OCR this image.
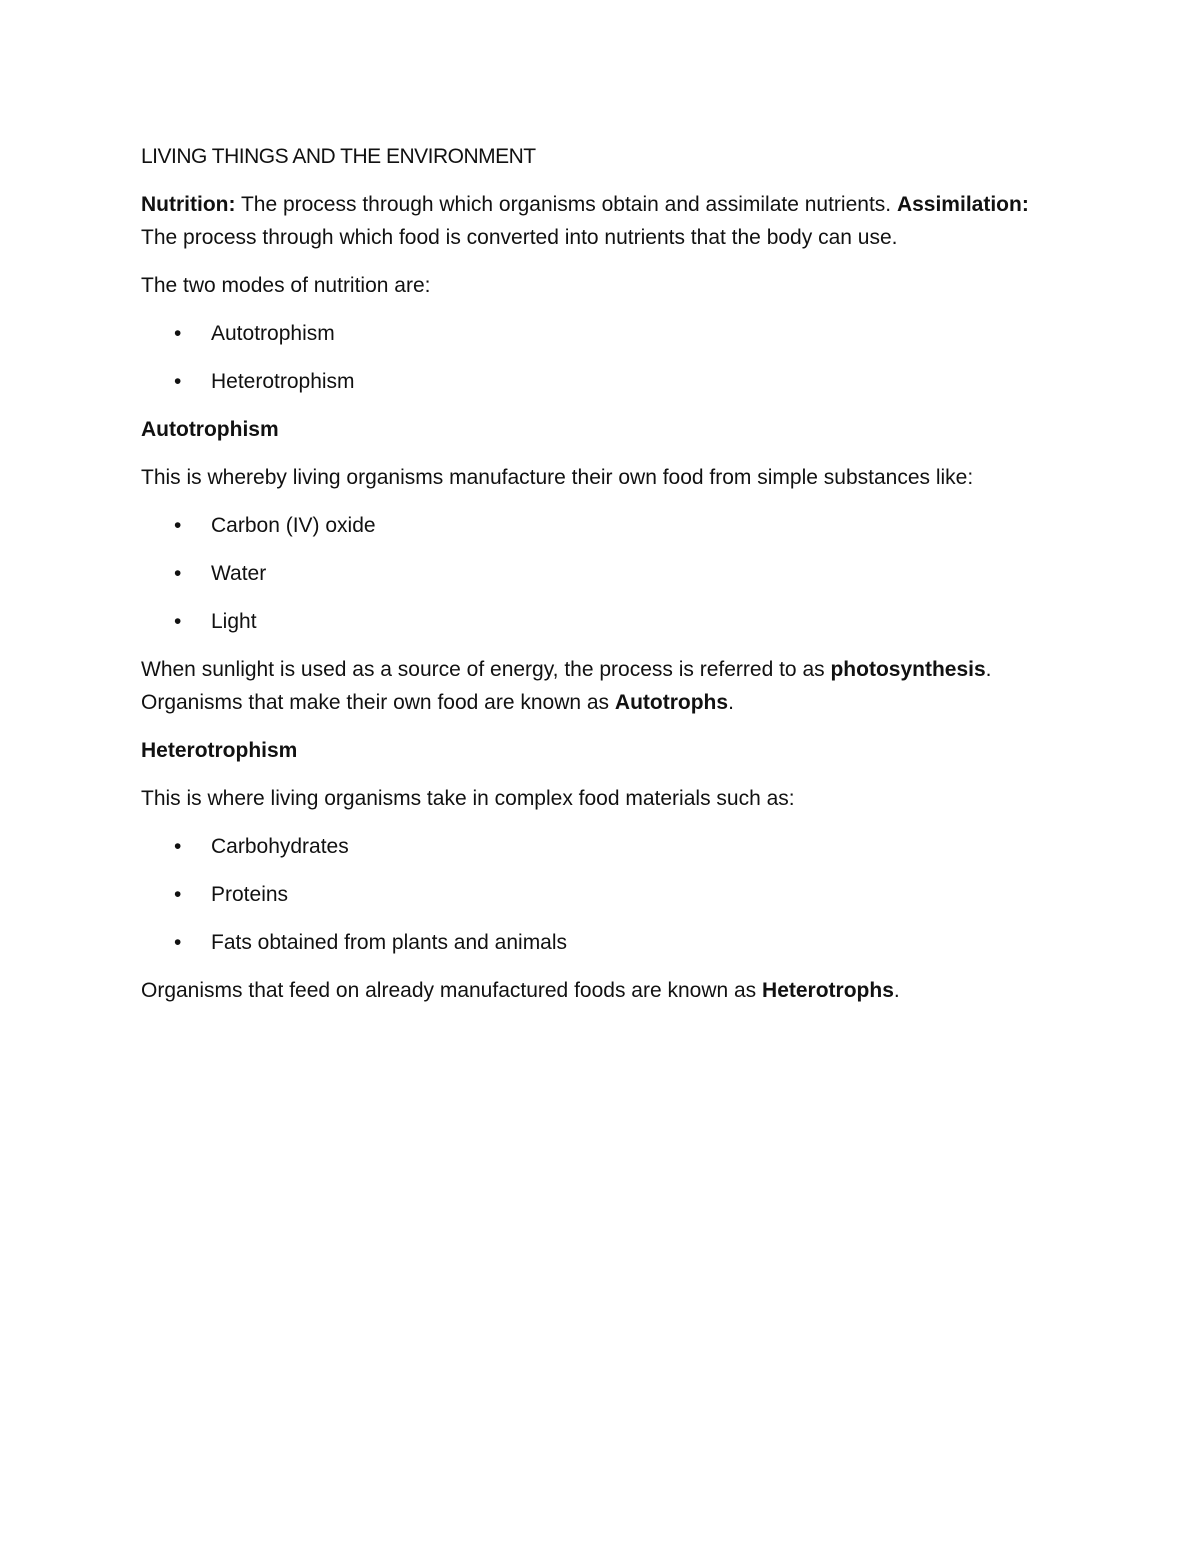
LIVING THINGS AND THE ENVIRONMENT

Nutrition: The process through which organisms obtain and assimilate nutrients. Assimilation: The process through which food is converted into nutrients that the body can use.

The two modes of nutrition are:

• Autotrophism
• Heterotrophism
Autotrophism

This is whereby living organisms manufacture their own food from simple substances like:

• Carbon (IV) oxide
• Water
• Light

When sunlight is used as a source of energy, the process is referred to as photosynthesis. Organisms that make their own food are known as Autotrophs.

Heterotrophism

This is where living organisms take in complex food materials such as:

• Carbohydrates
• Proteins
• Fats obtained from plants and animals

Organisms that feed on already manufactured foods are known as Heterotrophs.
